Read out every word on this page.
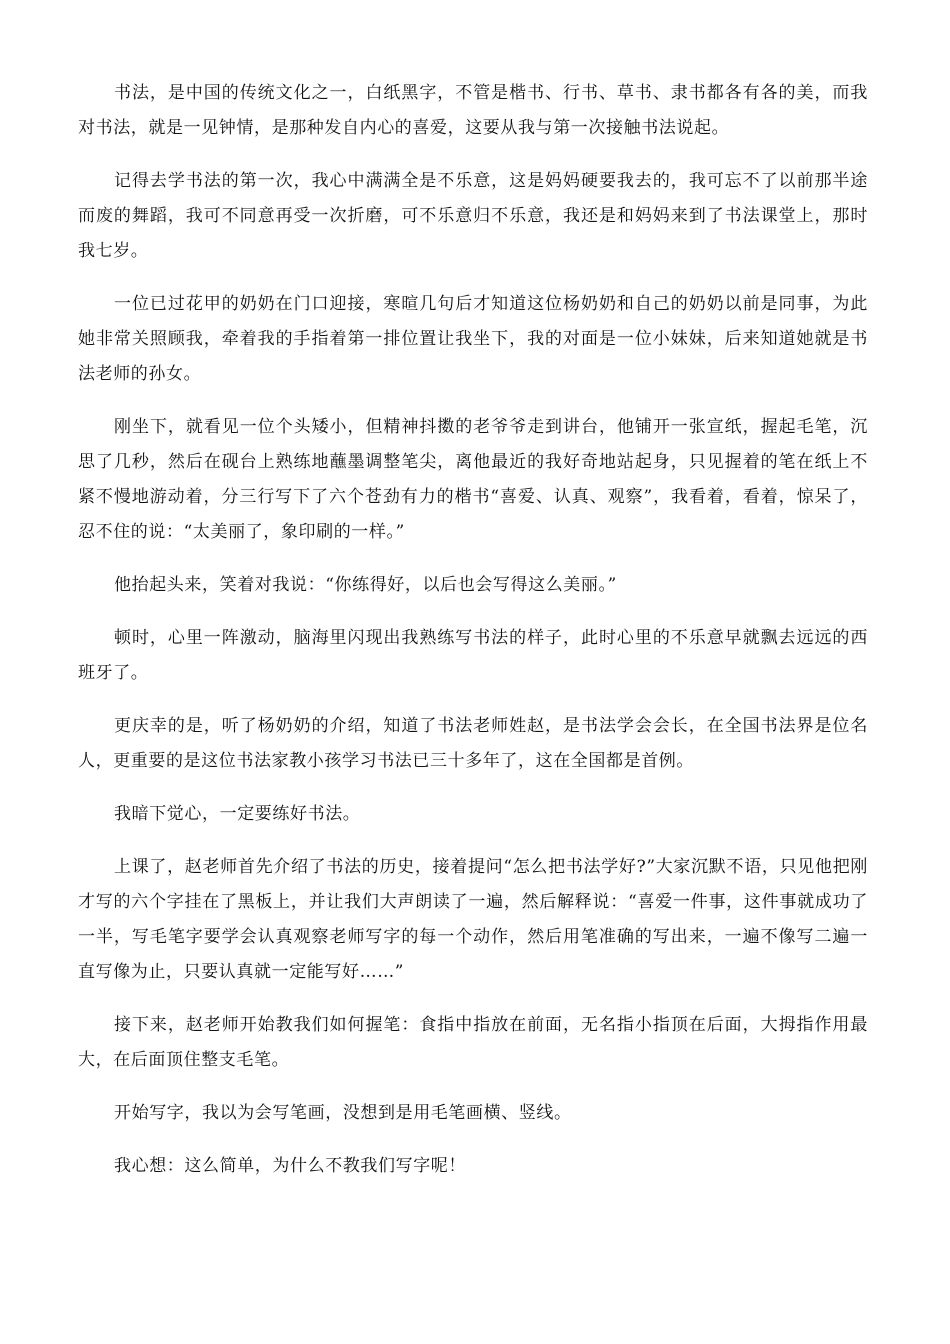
书法，是中国的传统文化之一，白纸黑字，不管是楷书、行书、草书、隶书都各有各的美，而我对书法，就是一见钟情，是那种发自内心的喜爱，这要从我与第一次接触书法说起。

记得去学书法的第一次，我心中满满全是不乐意，这是妈妈硬要我去的，我可忘不了以前那半途而废的舞蹈，我可不同意再受一次折磨，可不乐意归不乐意，我还是和妈妈来到了书法课堂上，那时我七岁。

一位已过花甲的奶奶在门口迎接，寒暄几句后才知道这位杨奶奶和自己的奶奶以前是同事，为此她非常关照顾我，牵着我的手指着第一排位置让我坐下，我的对面是一位小妹妹，后来知道她就是书法老师的孙女。

刚坐下，就看见一位个头矮小，但精神抖擞的老爷爷走到讲台，他铺开一张宣纸，握起毛笔，沉思了几秒，然后在砚台上熟练地蘸墨调整笔尖，离他最近的我好奇地站起身，只见握着的笔在纸上不紧不慢地游动着，分三行写下了六个苍劲有力的楷书“喜爱、认真、观察”，我看着，看着，惊呆了，忍不住的说：“太美丽了，象印刷的一样。”

他抬起头来，笑着对我说：“你练得好，以后也会写得这么美丽。”

顿时，心里一阵激动，脑海里闪现出我熟练写书法的样子，此时心里的不乐意早就飘去远远的西班牙了。

更庆幸的是，听了杨奶奶的介绍，知道了书法老师姓赵，是书法学会会长，在全国书法界是位名人，更重要的是这位书法家教小孩学习书法已三十多年了，这在全国都是首例。

我暗下觉心，一定要练好书法。

上课了，赵老师首先介绍了书法的历史，接着提问“怎么把书法学好?”大家沉默不语，只见他把刚才写的六个字挂在了黑板上，并让我们大声朗读了一遍，然后解释说：“喜爱一件事，这件事就成功了一半，写毛笔字要学会认真观察老师写字的每一个动作，然后用笔准确的写出来，一遍不像写二遍一直写像为止，只要认真就一定能写好……”

接下来，赵老师开始教我们如何握笔：食指中指放在前面，无名指小指顶在后面，大拇指作用最大，在后面顶住整支毛笔。

开始写字，我以为会写笔画，没想到是用毛笔画横、竖线。

我心想：这么简单，为什么不教我们写字呢！
